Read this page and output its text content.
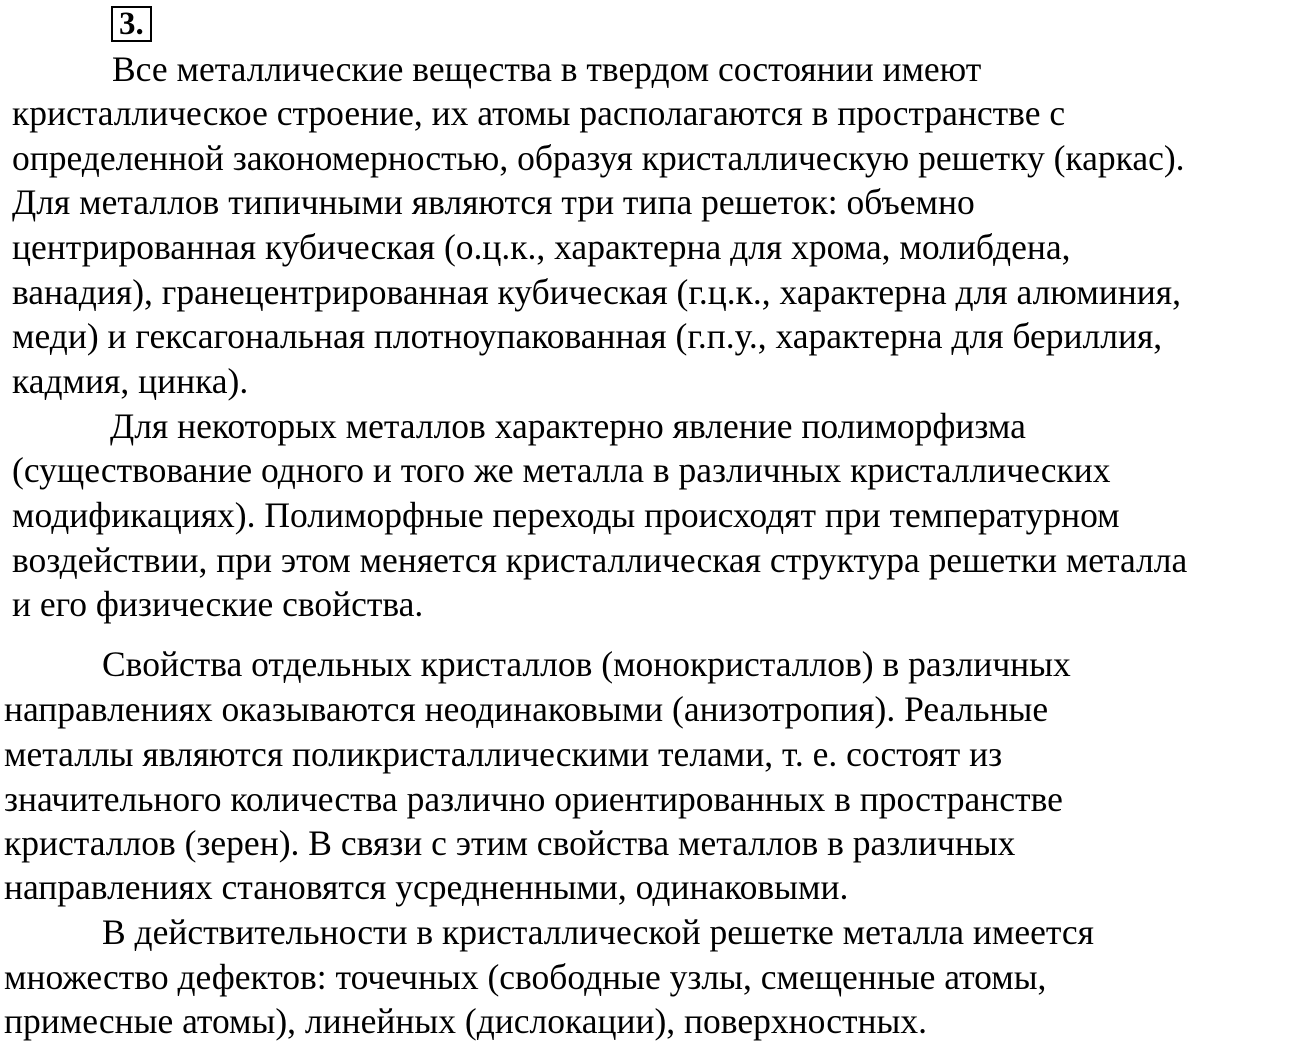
3.

Все металлические вещества в твердом состоянии имеют

кристаллическое строение, их атомы располагаются в пространстве с

определенной закономерностью, образуя кристаллическую решетку (каркас).

Для металлов типичными являются три типа решеток: объемно

центрированная кубическая (о.ц.к., характерна для хрома, молибдена,

ванадия), гранецентрированная кубическая (г.ц.к., характерна для алюминия,

меди) и гексагональная плотноупакованная (г.п.у., характерна для бериллия,

кадмия, цинка).

Для некоторых металлов характерно явление полиморфизма

(существование одного и того же металла в различных кристаллических

модификациях). Полиморфные переходы происходят при температурном

воздействии, при этом меняется кристаллическая структура решетки металла

и его физические свойства.

Свойства отдельных кристаллов (монокристаллов) в различных

направлениях оказываются неодинаковыми (анизотропия). Реальные

металлы являются поликристаллическими телами, т. е. состоят из

значительного количества различно ориентированных в пространстве

кристаллов (зерен). В связи с этим свойства металлов в различных

направлениях становятся усредненными, одинаковыми.

В действительности в кристаллической решетке металла имеется

множество дефектов: точечных (свободные узлы, смещенные атомы,

примесные атомы), линейных (дислокации), поверхностных.
